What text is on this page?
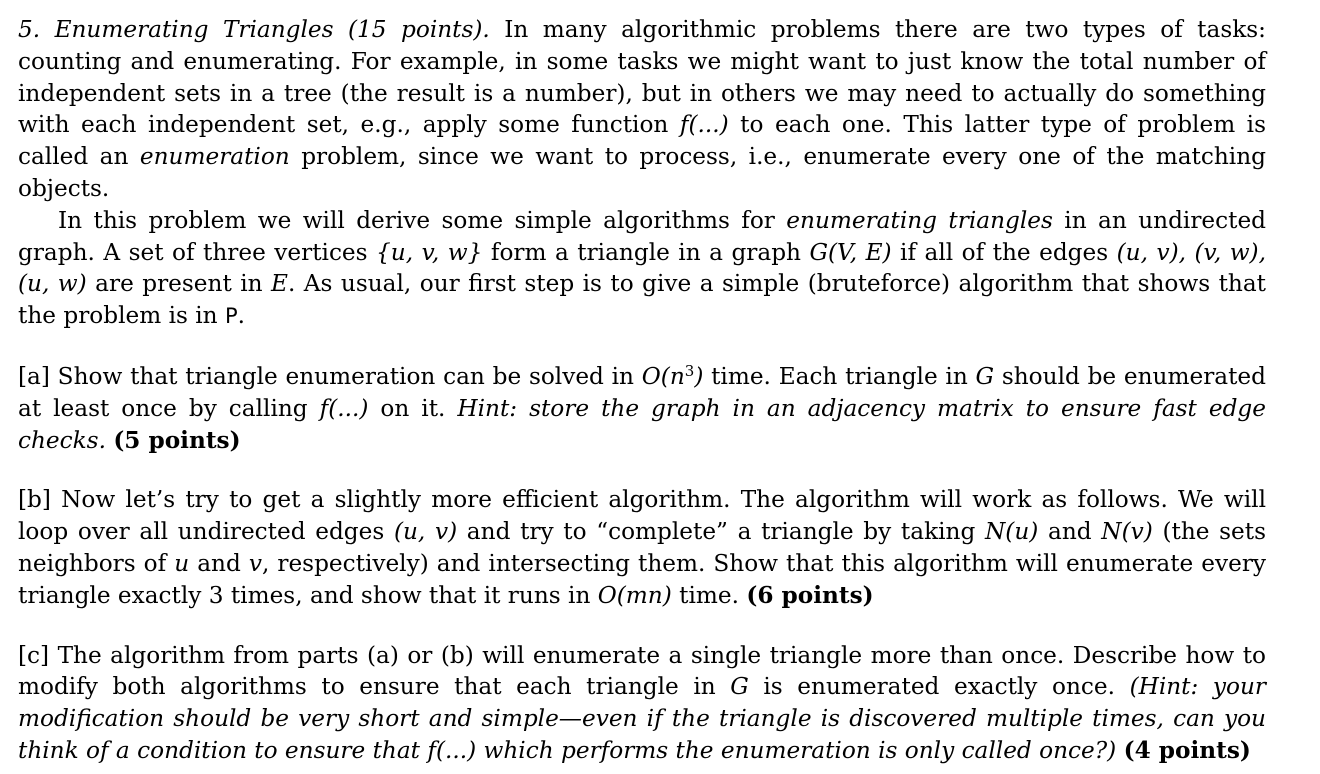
5. Enumerating Triangles (15 points). In many algorithmic problems there are two types of tasks: counting and enumerating. For example, in some tasks we might want to just know the total number of independent sets in a tree (the result is a number), but in others we may need to actually do something with each independent set, e.g., apply some function f(...) to each one. This latter type of problem is called an enumeration problem, since we want to process, i.e., enumerate every one of the matching objects.

In this problem we will derive some simple algorithms for enumerating triangles in an undirected graph. A set of three vertices {u, v, w} form a triangle in a graph G(V, E) if all of the edges (u, v), (v, w), (u, w) are present in E. As usual, our first step is to give a simple (bruteforce) algorithm that shows that the problem is in P.

[a] Show that triangle enumeration can be solved in $O(n^3)$ time. Each triangle in G should be enumerated at least once by calling f(...) on it. Hint: store the graph in an adjacency matrix to ensure fast edge checks. (5 points)

[b] Now let’s try to get a slightly more efficient algorithm. The algorithm will work as follows. We will loop over all undirected edges (u, v) and try to “complete” a triangle by taking N(u) and N(v) (the sets neighbors of u and v, respectively) and intersecting them. Show that this algorithm will enumerate every triangle exactly 3 times, and show that it runs in O(mn) time. (6 points)

[c] The algorithm from parts (a) or (b) will enumerate a single triangle more than once. Describe how to modify both algorithms to ensure that each triangle in G is enumerated exactly once. (Hint: your modification should be very short and simple—even if the triangle is discovered multiple times, can you think of a condition to ensure that f(...) which performs the enumeration is only called once?) (4 points)
